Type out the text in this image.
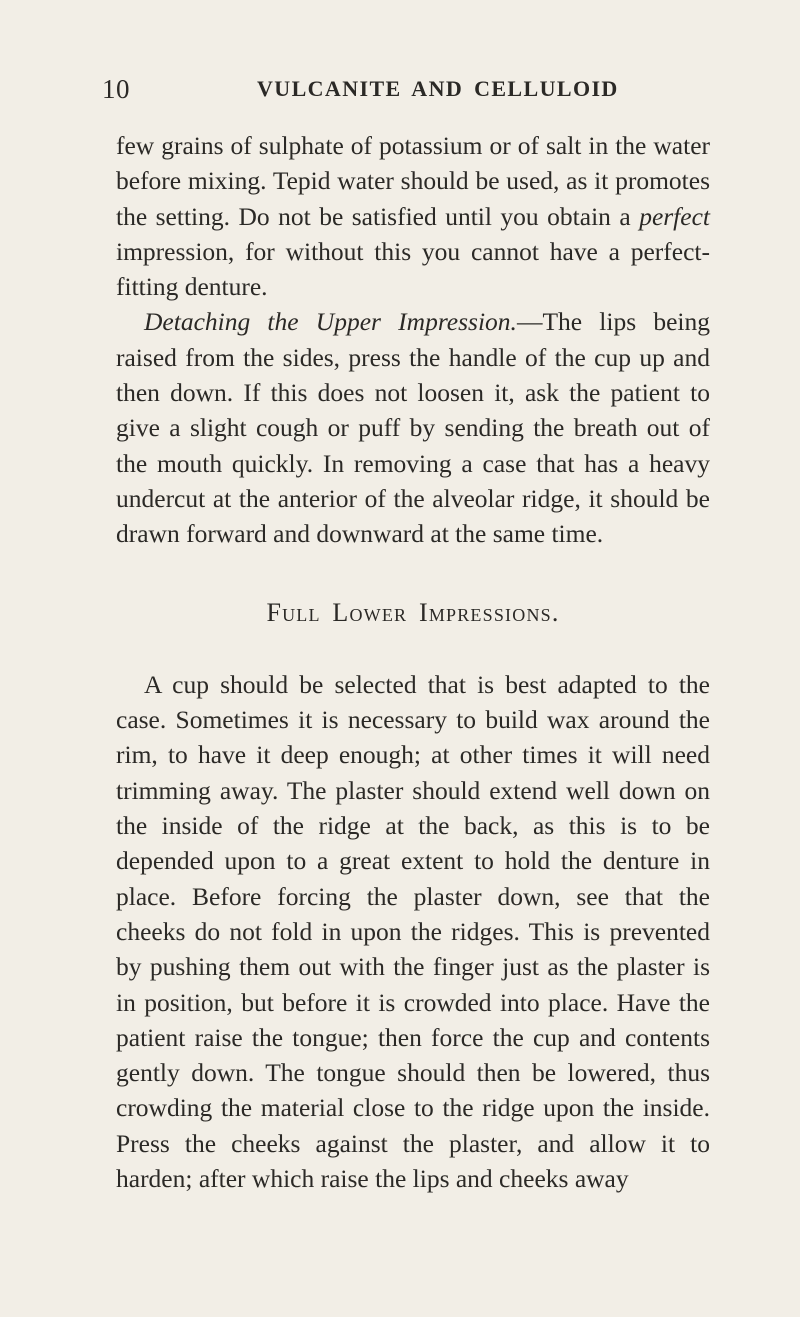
10	VULCANITE AND CELLULOID

few grains of sulphate of potassium or of salt in the water before mixing. Tepid water should be used, as it promotes the setting. Do not be satisfied until you obtain a perfect impression, for without this you cannot have a perfect-fitting denture.

Detaching the Upper Impression.—The lips being raised from the sides, press the handle of the cup up and then down. If this does not loosen it, ask the patient to give a slight cough or puff by sending the breath out of the mouth quickly. In removing a case that has a heavy undercut at the anterior of the alveolar ridge, it should be drawn forward and downward at the same time.

Full Lower Impressions.

A cup should be selected that is best adapted to the case. Sometimes it is necessary to build wax around the rim, to have it deep enough; at other times it will need trimming away. The plaster should extend well down on the inside of the ridge at the back, as this is to be depended upon to a great extent to hold the denture in place. Before forcing the plaster down, see that the cheeks do not fold in upon the ridges. This is prevented by pushing them out with the finger just as the plaster is in position, but before it is crowded into place. Have the patient raise the tongue; then force the cup and contents gently down. The tongue should then be lowered, thus crowding the material close to the ridge upon the inside. Press the cheeks against the plaster, and allow it to harden; after which raise the lips and cheeks away
